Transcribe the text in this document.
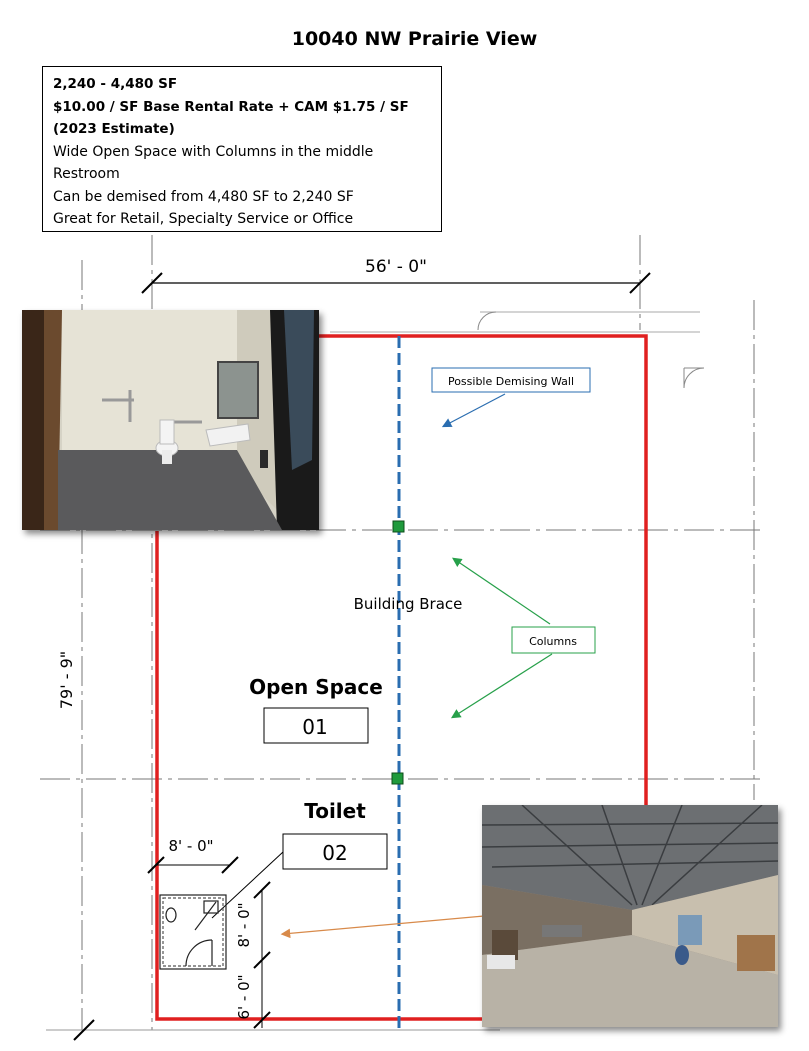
10040 NW Prairie View
2,240 - 4,480 SF
$10.00 / SF Base Rental Rate + CAM $1.75 / SF
(2023 Estimate)
Wide Open Space with Columns in the middle
Restroom
Can be demised from 4,480 SF to 2,240 SF
Great for Retail, Specialty Service or Office
56' - 0"
79' - 9"
Possible Demising Wall
Columns
Building Brace
Open Space
01
Toilet
02
8' - 0"
8' - 0"
6' - 0"
